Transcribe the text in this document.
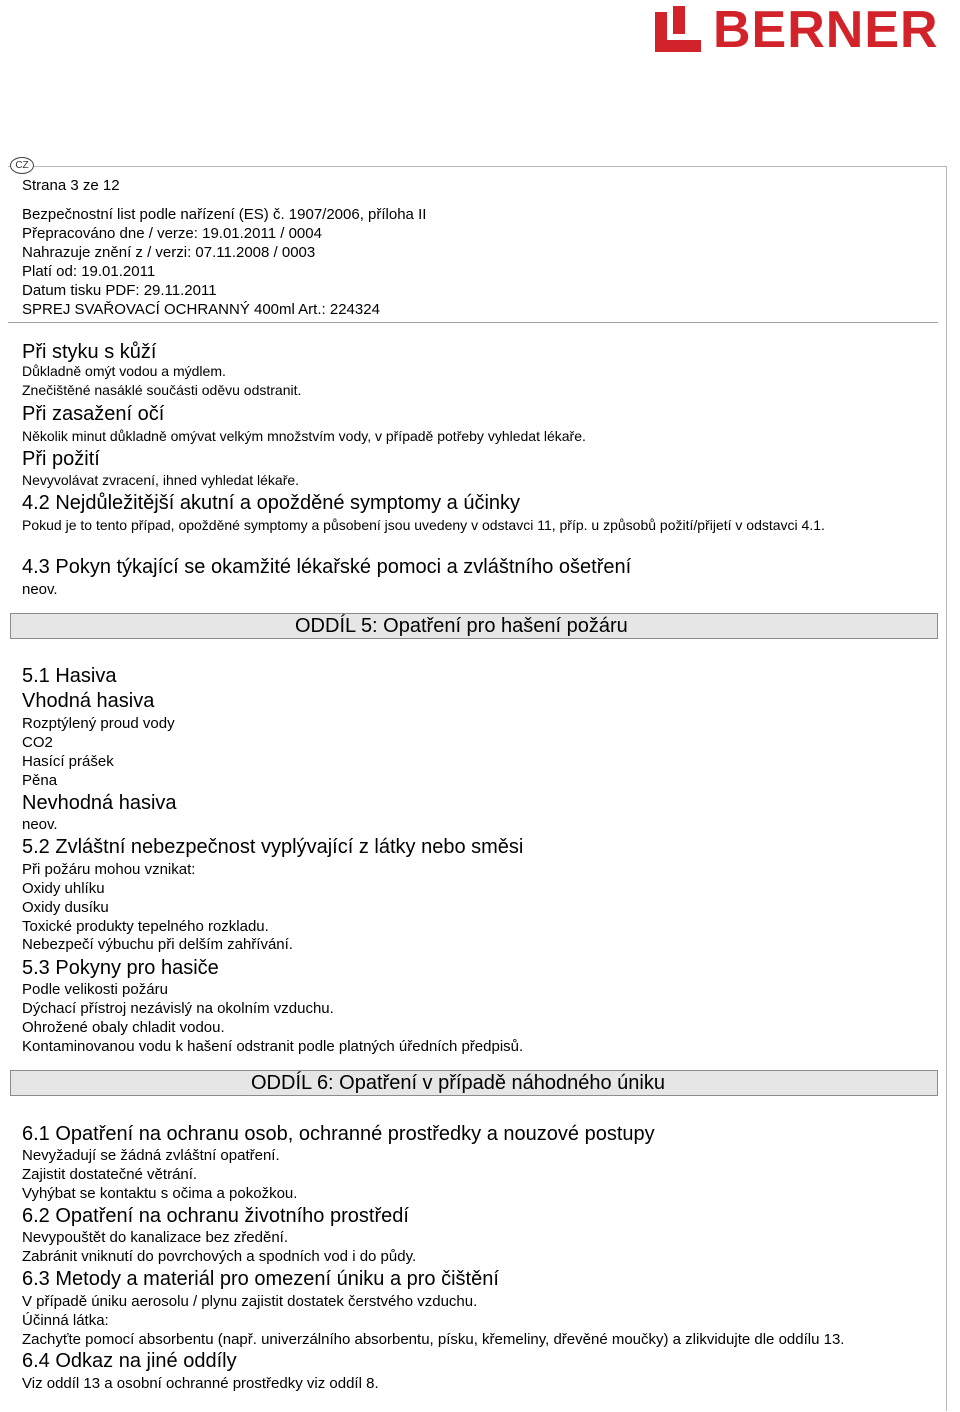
BERNER
CZ
Strana 3 ze 12
Bezpečnostní list podle nařízení (ES) č. 1907/2006, příloha II
Přepracováno dne / verze: 19.01.2011 / 0004
Nahrazuje znění z / verzi: 07.11.2008 / 0003
Platí od: 19.01.2011
Datum tisku PDF: 29.11.2011
SPREJ SVAŘOVACÍ OCHRANNÝ 400ml Art.: 224324
Při styku s kůží
Důkladně omýt vodou a mýdlem.
Znečištěné nasáklé součásti oděvu odstranit.
Při zasažení očí
Několik minut důkladně omývat velkým množstvím vody, v případě potřeby vyhledat lékaře.
Při požití
Nevyvolávat zvracení, ihned vyhledat lékaře.
4.2 Nejdůležitější akutní a opožděné symptomy a účinky
Pokud je to tento případ, opožděné symptomy a působení jsou uvedeny v odstavci 11, příp. u způsobů požití/přijetí v odstavci 4.1.
4.3 Pokyn týkající se okamžité lékařské pomoci a zvláštního ošetření
neov.
ODDÍL 5: Opatření pro hašení požáru
5.1 Hasiva
Vhodná hasiva
Rozptýlený proud vody
CO2
Hasící prášek
Pěna
Nevhodná hasiva
neov.
5.2 Zvláštní nebezpečnost vyplývající z látky nebo směsi
Při požáru mohou vznikat:
Oxidy uhlíku
Oxidy dusíku
Toxické produkty tepelného rozkladu.
Nebezpečí výbuchu při delším zahřívání.
5.3 Pokyny pro hasiče
Podle velikosti požáru
Dýchací přístroj nezávislý na okolním vzduchu.
Ohrožené obaly chladit vodou.
Kontaminovanou vodu k hašení odstranit podle platných úředních předpisů.
ODDÍL 6: Opatření v případě náhodného úniku
6.1 Opatření na ochranu osob, ochranné prostředky a nouzové postupy
Nevyžadují se žádná zvláštní opatření.
Zajistit dostatečné větrání.
Vyhýbat se kontaktu s očima a pokožkou.
6.2 Opatření na ochranu životního prostředí
Nevypouštět do kanalizace bez zředění.
Zabránit vniknutí do povrchových a spodních vod i do půdy.
6.3 Metody a materiál pro omezení úniku a pro čištění
V případě úniku aerosolu / plynu zajistit dostatek čerstvého vzduchu.
Účinná látka:
Zachyťte pomocí absorbentu (např. univerzálního absorbentu, písku, křemeliny, dřevěné moučky) a zlikvidujte dle oddílu 13.
6.4 Odkaz na jiné oddíly
Viz oddíl 13 a osobní ochranné prostředky viz oddíl 8.
